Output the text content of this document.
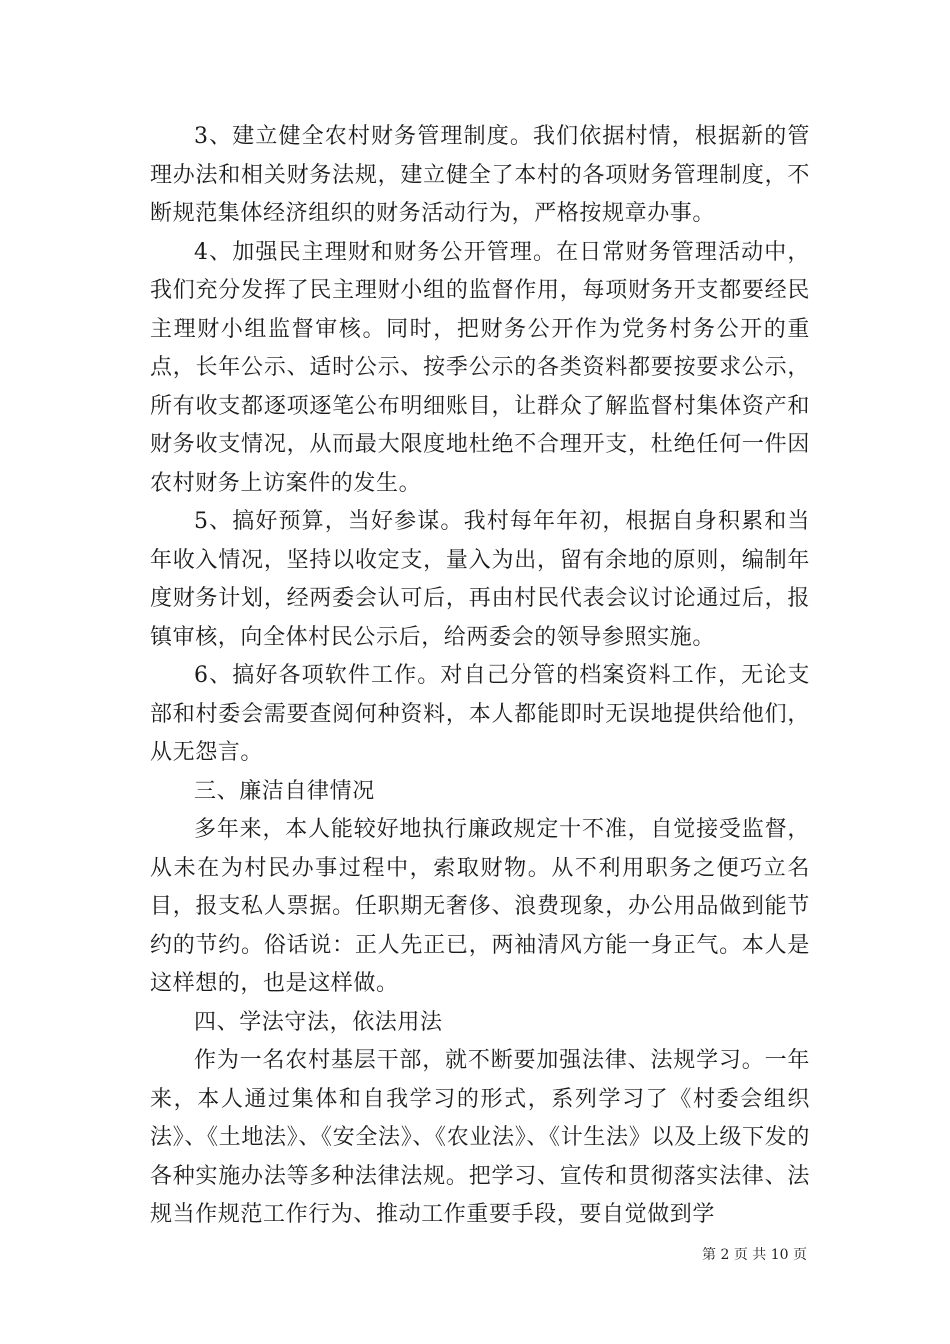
3、建立健全农村财务管理制度。我们依据村情，根据新的管理办法和相关财务法规，建立健全了本村的各项财务管理制度，不断规范集体经济组织的财务活动行为，严格按规章办事。

4、加强民主理财和财务公开管理。在日常财务管理活动中，我们充分发挥了民主理财小组的监督作用，每项财务开支都要经民主理财小组监督审核。同时，把财务公开作为党务村务公开的重点，长年公示、适时公示、按季公示的各类资料都要按要求公示，所有收支都逐项逐笔公布明细账目，让群众了解监督村集体资产和财务收支情况，从而最大限度地杜绝不合理开支，杜绝任何一件因农村财务上访案件的发生。

5、搞好预算，当好参谋。我村每年年初，根据自身积累和当年收入情况，坚持以收定支，量入为出，留有余地的原则，编制年度财务计划，经两委会认可后，再由村民代表会议讨论通过后，报镇审核，向全体村民公示后，给两委会的领导参照实施。

6、搞好各项软件工作。对自己分管的档案资料工作，无论支部和村委会需要查阅何种资料，本人都能即时无误地提供给他们，从无怨言。

三、廉洁自律情况

多年来，本人能较好地执行廉政规定十不准，自觉接受监督，从未在为村民办事过程中，索取财物。从不利用职务之便巧立名目，报支私人票据。任职期无奢侈、浪费现象，办公用品做到能节约的节约。俗话说：正人先正已，两袖清风方能一身正气。本人是这样想的，也是这样做。

四、学法守法，依法用法

作为一名农村基层干部，就不断要加强法律、法规学习。一年来，本人通过集体和自我学习的形式，系列学习了《村委会组织法》、《土地法》、《安全法》、《农业法》、《计生法》以及上级下发的各种实施办法等多种法律法规。把学习、宣传和贯彻落实法律、法规当作规范工作行为、推动工作重要手段，要自觉做到学

第 2 页 共 10 页
